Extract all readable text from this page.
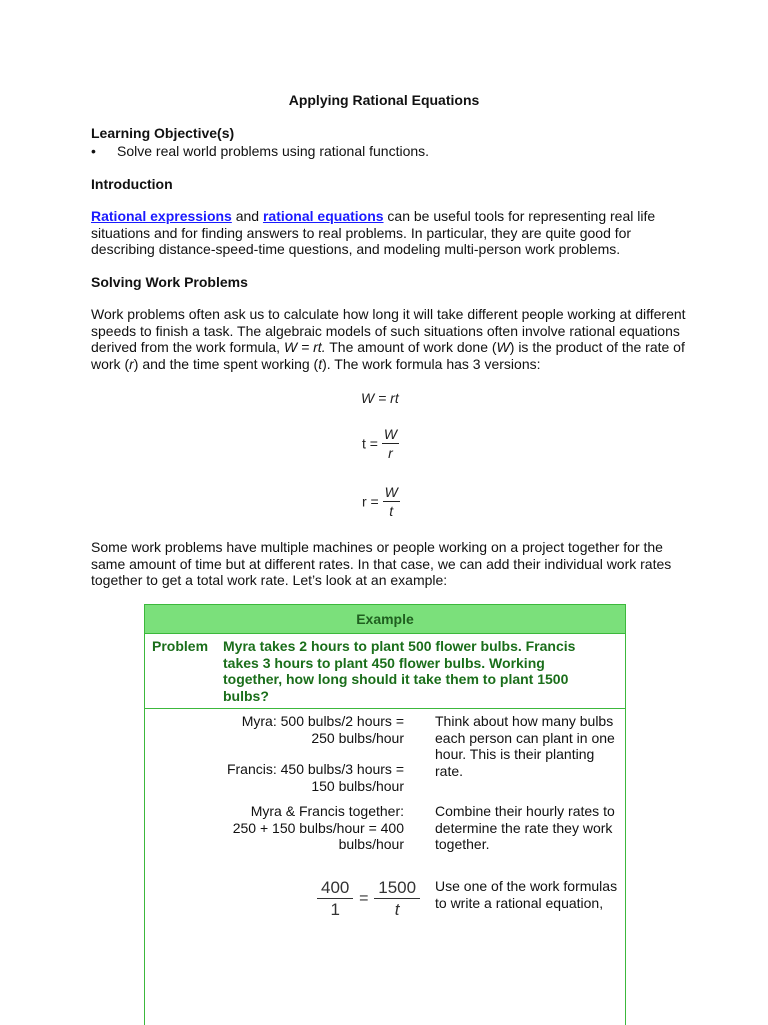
Applying Rational Equations
Learning Objective(s)
• Solve real world problems using rational functions.
Introduction
Rational expressions and rational equations can be useful tools for representing real life situations and for finding answers to real problems. In particular, they are quite good for describing distance-speed-time questions, and modeling multi-person work problems.
Solving Work Problems
Work problems often ask us to calculate how long it will take different people working at different speeds to finish a task. The algebraic models of such situations often involve rational equations derived from the work formula, W = rt. The amount of work done (W) is the product of the rate of work (r) and the time spent working (t). The work formula has 3 versions:
W = rt
$t = \frac{W}{r}$
$r = \frac{W}{t}$
Some work problems have multiple machines or people working on a project together for the same amount of time but at different rates. In that case, we can add their individual work rates together to get a total work rate. Let’s look at an example:
Example
Problem Myra takes 2 hours to plant 500 flower bulbs. Francis takes 3 hours to plant 450 flower bulbs. Working together, how long should it take them to plant 1500 bulbs?
Myra: 500 bulbs/2 hours =
250 bulbs/hour
Francis: 450 bulbs/3 hours =
150 bulbs/hour
Think about how many bulbs each person can plant in one hour. This is their planting rate.
Myra & Francis together:
250 + 150 bulbs/hour = 400
bulbs/hour
Combine their hourly rates to determine the rate they work together.
$\frac{400}{1} = \frac{1500}{t}$ Use one of the work formulas to write a rational equation,
